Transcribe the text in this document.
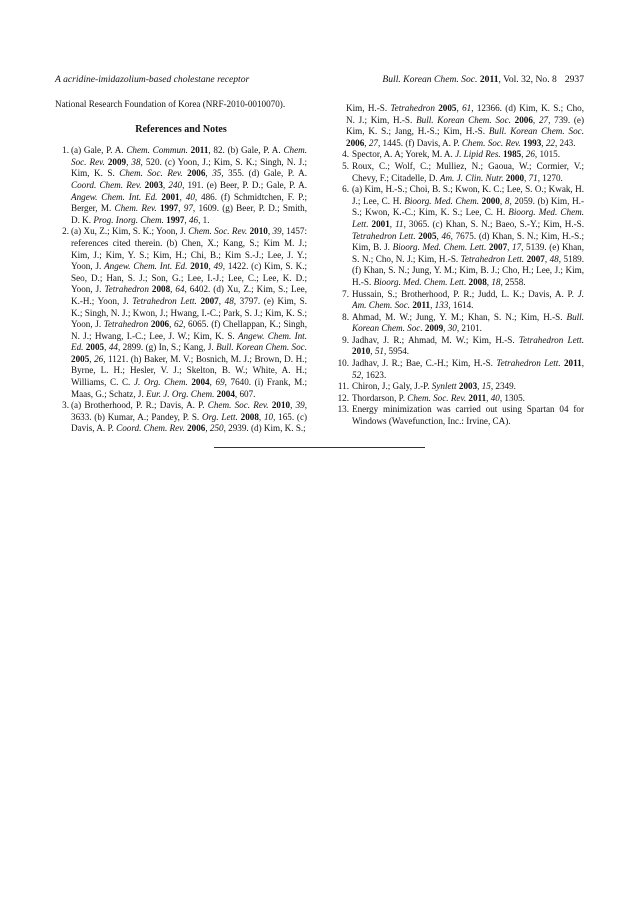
A acridine-imidazolium-based cholestane receptor	Bull. Korean Chem. Soc. 2011, Vol. 32, No. 8 2937

National Research Foundation of Korea (NRF-2010-0010070).

References and Notes
1. (a) Gale, P. A. Chem. Commun. 2011, 82. (b) Gale, P. A. Chem. Soc. Rev. 2009, 38, 520. (c) Yoon, J.; Kim, S. K.; Singh, N. J.; Kim, K. S. Chem. Soc. Rev. 2006, 35, 355. (d) Gale, P. A. Coord. Chem. Rev. 2003, 240, 191. (e) Beer, P. D.; Gale, P. A. Angew. Chem. Int. Ed. 2001, 40, 486. (f) Schmidtchen, F. P.; Berger, M. Chem. Rev. 1997, 97, 1609. (g) Beer, P. D.; Smith, D. K. Prog. Inorg. Chem. 1997, 46, 1.
2. (a) Xu, Z.; Kim, S. K.; Yoon, J. Chem. Soc. Rev. 2010, 39, 1457: references cited therein. (b) Chen, X.; Kang, S.; Kim M. J.; Kim, J.; Kim, Y. S.; Kim, H.; Chi, B.; Kim S.-J.; Lee, J. Y.; Yoon, J. Angew. Chem. Int. Ed. 2010, 49, 1422. (c) Kim, S. K.; Seo, D.; Han, S. J.; Son, G.; Lee, I.-J.; Lee, C.; Lee, K. D.; Yoon, J. Tetrahedron 2008, 64, 6402. (d) Xu, Z.; Kim, S.; Lee, K.-H.; Yoon, J. Tetrahedron Lett. 2007, 48, 3797. (e) Kim, S. K.; Singh, N. J.; Kwon, J.; Hwang, I.-C.; Park, S. J.; Kim, K. S.; Yoon, J. Tetrahedron 2006, 62, 6065. (f) Chellappan, K.; Singh, N. J.; Hwang, I.-C.; Lee, J. W.; Kim, K. S. Angew. Chem. Int. Ed. 2005, 44, 2899. (g) In, S.; Kang, J. Bull. Korean Chem. Soc. 2005, 26, 1121. (h) Baker, M. V.; Bosnich, M. J.; Brown, D. H.; Byrne, L. H.; Hesler, V. J.; Skelton, B. W.; White, A. H.; Williams, C. C. J. Org. Chem. 2004, 69, 7640. (i) Frank, M.; Maas, G.; Schatz, J. Eur. J. Org. Chem. 2004, 607.
3. (a) Brotherhood, P. R.; Davis, A. P. Chem. Soc. Rev. 2010, 39, 3633. (b) Kumar, A.; Pandey, P. S. Org. Lett. 2008, 10, 165. (c) Davis, A. P. Coord. Chem. Rev. 2006, 250, 2939. (d) Kim, K. S.;

Kim, H.-S. Tetrahedron 2005, 61, 12366. (d) Kim, K. S.; Cho, N. J.; Kim, H.-S. Bull. Korean Chem. Soc. 2006, 27, 739. (e) Kim, K. S.; Jang, H.-S.; Kim, H.-S. Bull. Korean Chem. Soc. 2006, 27, 1445. (f) Davis, A. P. Chem. Soc. Rev. 1993, 22, 243.

4. Spector, A. A; Yorek, M. A. J. Lipid Res. 1985, 26, 1015.
5. Roux, C.; Wolf, C.; Mulliez, N.; Gaoua, W.; Cormier, V.; Chevy, F.; Citadelle, D. Am. J. Clin. Nutr. 2000, 71, 1270.
6. (a) Kim, H.-S.; Choi, B. S.; Kwon, K. C.; Lee, S. O.; Kwak, H. J.; Lee, C. H. Bioorg. Med. Chem. 2000, 8, 2059. (b) Kim, H.-S.; Kwon, K.-C.; Kim, K. S.; Lee, C. H. Bioorg. Med. Chem. Lett. 2001, 11, 3065. (c) Khan, S. N.; Baeo, S.-Y.; Kim, H.-S. Tetrahedron Lett. 2005, 46, 7675. (d) Khan, S. N.; Kim, H.-S.; Kim, B. J. Bioorg. Med. Chem. Lett. 2007, 17, 5139. (e) Khan, S. N.; Cho, N. J.; Kim, H.-S. Tetrahedron Lett. 2007, 48, 5189. (f) Khan, S. N.; Jung, Y. M.; Kim, B. J.; Cho, H.; Lee, J.; Kim, H.-S. Bioorg. Med. Chem. Lett. 2008, 18, 2558.
7. Hussain, S.; Brotherhood, P. R.; Judd, L. K.; Davis, A. P. J. Am. Chem. Soc. 2011, 133, 1614.
8. Ahmad, M. W.; Jung, Y. M.; Khan, S. N.; Kim, H.-S. Bull. Korean Chem. Soc. 2009, 30, 2101.
9. Jadhav, J. R.; Ahmad, M. W.; Kim, H.-S. Tetrahedron Lett. 2010, 51, 5954.
10. Jadhav, J. R.; Bae, C.-H.; Kim, H.-S. Tetrahedron Lett. 2011, 52, 1623.
11. Chiron, J.; Galy, J.-P. Synlett 2003, 15, 2349.
12. Thordarson, P. Chem. Soc. Rev. 2011, 40, 1305.
13. Energy minimization was carried out using Spartan 04 for Windows (Wavefunction, Inc.: Irvine, CA).
